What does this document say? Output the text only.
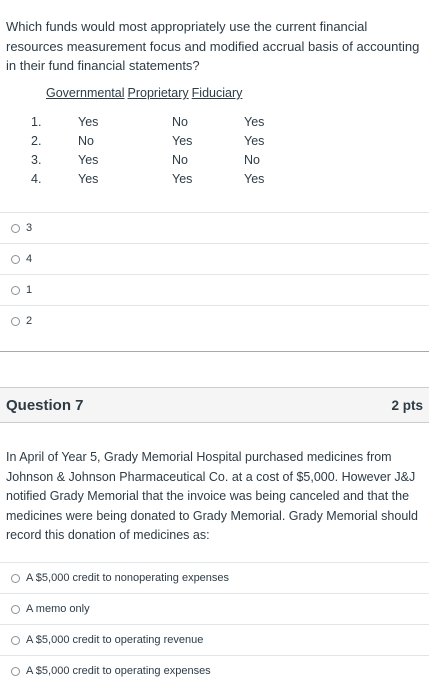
Which funds would most appropriately use the current financial resources measurement focus and modified accrual basis of accounting in their fund financial statements?
Governmental Proprietary Fiduciary
1.	Yes	No	Yes
2.	No	Yes	Yes
3.	Yes	No	No
4.	Yes	Yes	Yes
3
4
1
2
Question 7	2 pts
In April of Year 5, Grady Memorial Hospital purchased medicines from Johnson & Johnson Pharmaceutical Co. at a cost of $5,000. However J&J notified Grady Memorial that the invoice was being canceled and that the medicines were being donated to Grady Memorial. Grady Memorial should record this donation of medicines as:
A $5,000 credit to nonoperating expenses
A memo only
A $5,000 credit to operating revenue
A $5,000 credit to operating expenses
